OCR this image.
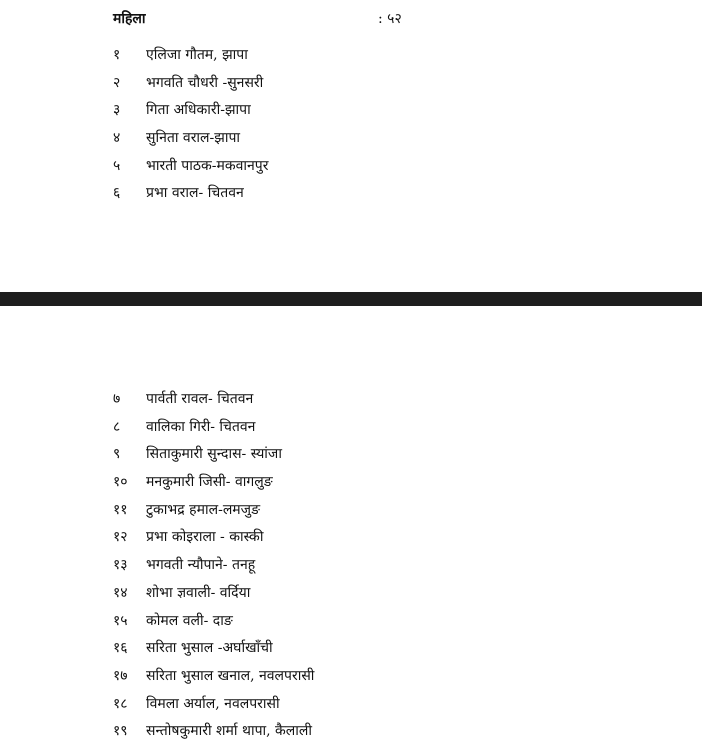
महिला	: ५२
१	एलिजा गौतम, झापा
२	भगवति चौधरी -सुनसरी
३	गिता अधिकारी-झापा
४	सुनिता वराल-झापा
५	भारती पाठक-मकवानपुर
६	प्रभा वराल- चितवन
७	पार्वती रावल- चितवन
८	वालिका गिरी- चितवन
९	सिताकुमारी सुन्दास- स्यांजा
१०	मनकुमारी जिसी- वागलुङ
११	टुकाभद्र हमाल-लमजुङ
१२	प्रभा कोइराला - कास्की
१३	भगवती न्यौपाने- तनहू
१४	शोभा ज्ञवाली- वर्दिया
१५	कोमल वली- दाङ
१६	सरिता भुसाल -अर्घाखाँची
१७	सरिता भुसाल खनाल, नवलपरासी
१८	विमला अर्याल, नवलपरासी
१९	सन्तोषकुमारी शर्मा थापा, कैलाली
